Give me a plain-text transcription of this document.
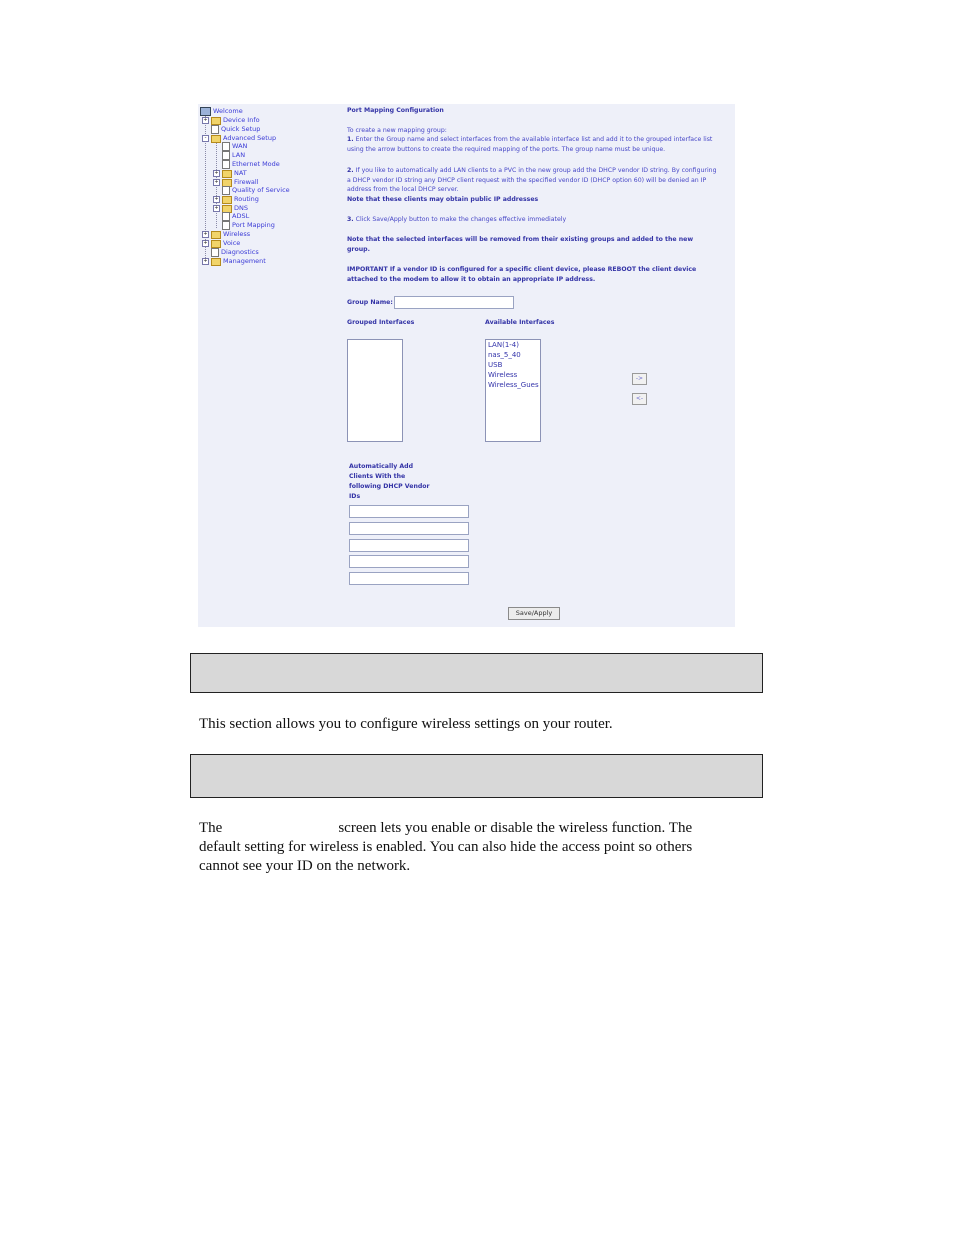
Welcome
+ Device Info
Quick Setup
-	Advanced Setup
WAN
LAN
Ethernet Mode
+ NAT
+ Firewall
Quality of Service
+ Routing
+ DNS
ADSL
Port Mapping
+ Wireless
+ Voice
Diagnostics
+ Management
Port Mapping Configuration
To create a new mapping group:
1. Enter the Group name and select interfaces from the available interface list and add it to the grouped interface list
using the arrow buttons to create the required mapping of the ports. The group name must be unique.
2. If you like to automatically add LAN clients to a PVC in the new group add the DHCP vendor ID string. By configuring
a DHCP vendor ID string any DHCP client request with the specified vendor ID (DHCP option 60) will be denied an IP
address from the local DHCP server.
Note that these clients may obtain public IP addresses
3. Click Save/Apply button to make the changes effective immediately
Note that the selected interfaces will be removed from their existing groups and added to the new
group.
IMPORTANT If a vendor ID is configured for a specific client device, please REBOOT the client device
attached to the modem to allow it to obtain an appropriate IP address.
Group Name:
Grouped Interfaces	Available Interfaces
->
<-
LAN(1-4)
nas_5_40
USB
Wireless
Wireless_Gues
Automatically Add
Clients With the
following DHCP Vendor
IDs
Save/Apply
This section allows you to configure wireless settings on your router.
The	screen lets you enable or disable the wireless function. The
default setting for wireless is enabled. You can also hide the access point so others
cannot see your ID on the network.
